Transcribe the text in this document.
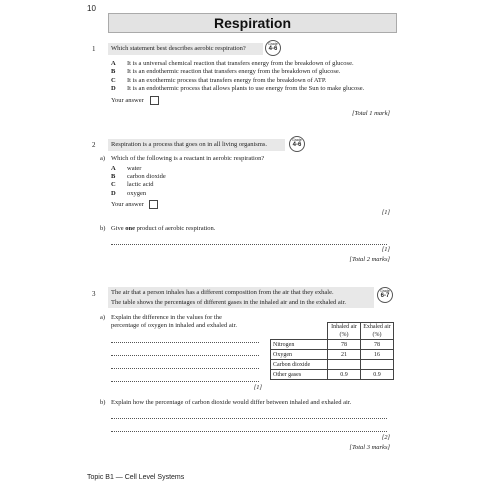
10
Respiration
1	Which statement best describes aerobic respiration?
Grade
4-6
A It is a universal chemical reaction that transfers energy from the breakdown of glucose.
B It is an endothermic reaction that transfers energy from the breakdown of glucose.
C It is an exothermic process that transfers energy from the breakdown of ATP.
D It is an endothermic process that allows plants to use energy from the Sun to make glucose.
Your answer
[Total 1 mark]
2	Respiration is a process that goes on in all living organisms.
Grade
4-6
a) Which of the following is a reactant in aerobic respiration?
A water
B carbon dioxide
C lactic acid
D oxygen
Your answer
[1]
b) Give one product of aerobic respiration.
[1]
[Total 2 marks]
3 The air that a person inhales has a different composition from the air that they exhale.
The table shows the percentages of different gases in the inhaled air and in the exhaled air.
Grade
6-7
a) Explain the difference in the values for the
percentage of oxygen in inhaled and exhaled air.
[1]
	Inhaled air (%)	Exhaled air (%)
Nitrogen	78	78
Oxygen	21	16
Carbon dioxide		
Other gases	0.9	0.9
b) Explain how the percentage of carbon dioxide would differ between inhaled and exhaled air.
[2]
[Total 3 marks]
Topic B1 — Cell Level Systems
